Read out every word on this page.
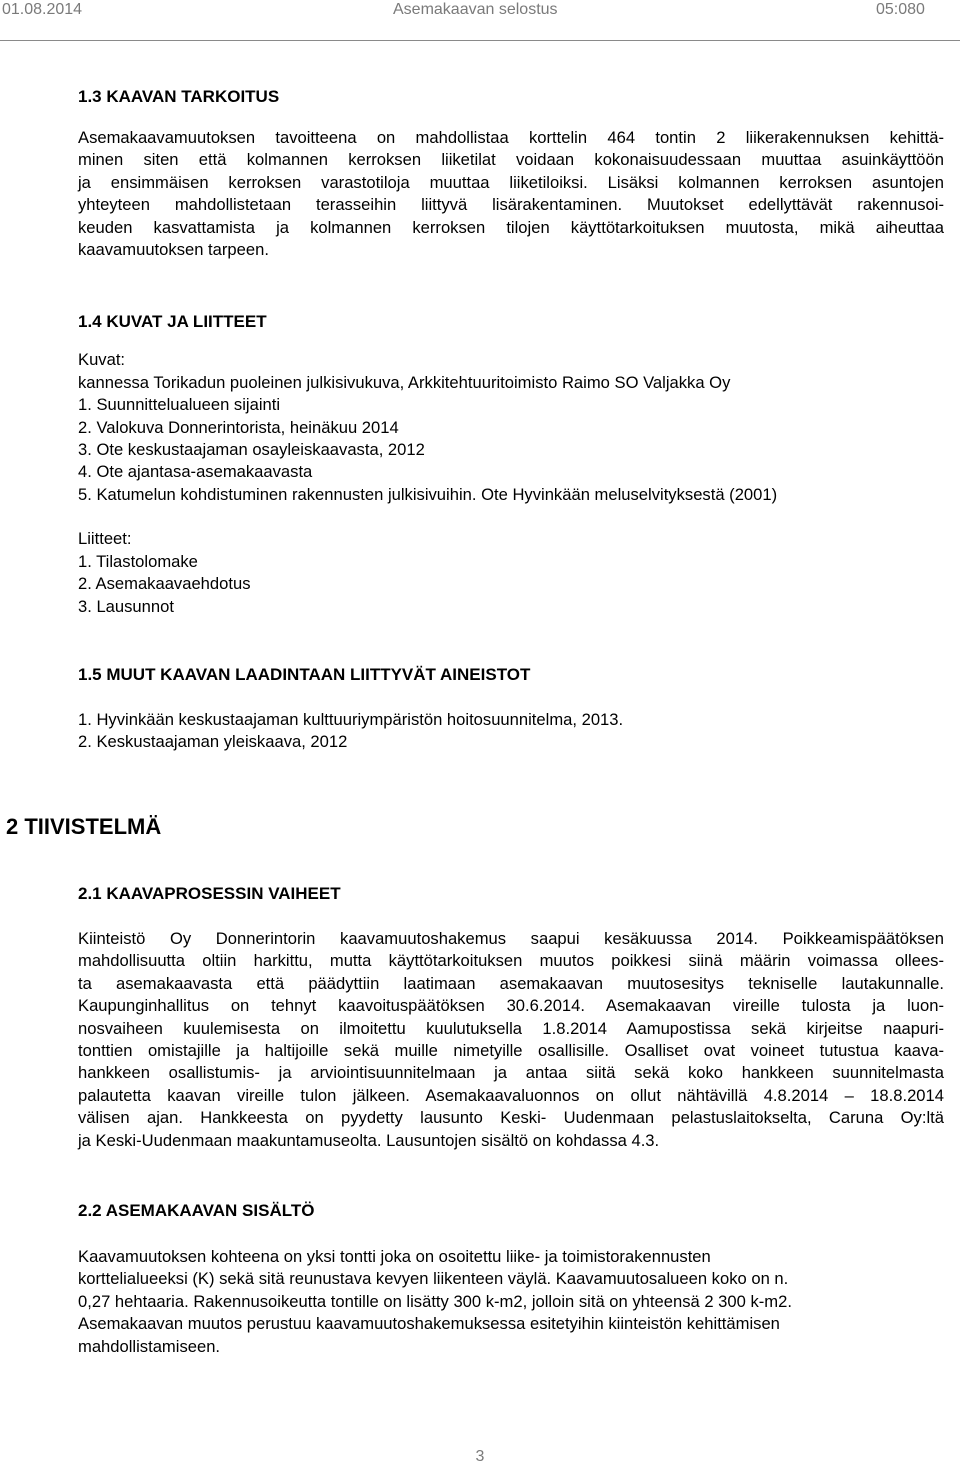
01.08.2014	Asemakaavan selostus	05:080

1.3 KAAVAN TARKOITUS

Asemakaavamuutoksen tavoitteena on mahdollistaa korttelin 464 tontin 2 liikerakennuksen kehittä-
minen siten että kolmannen kerroksen liiketilat voidaan kokonaisuudessaan muuttaa asuinkäyttöön
ja ensimmäisen kerroksen varastotiloja muuttaa liiketiloiksi. Lisäksi kolmannen kerroksen asuntojen
yhteyteen mahdollistetaan terasseihin liittyvä lisärakentaminen. Muutokset edellyttävät rakennusoi-
keuden kasvattamista ja kolmannen kerroksen tilojen käyttötarkoituksen muutosta, mikä aiheuttaa

kaavamuutoksen tarpeen.

1.4 KUVAT JA LIITTEET

Kuvat:

kannessa Torikadun puoleinen julkisivukuva, Arkkitehtuuritoimisto Raimo SO Valjakka Oy

1. Suunnittelualueen sijainti

2. Valokuva Donnerintorista, heinäkuu 2014

3. Ote keskustaajaman osayleiskaavasta, 2012

4. Ote ajantasa-asemakaavasta

5. Katumelun kohdistuminen rakennusten julkisivuihin. Ote Hyvinkään meluselvityksestä (2001)

Liitteet:

1. Tilastolomake

2. Asemakaavaehdotus

3. Lausunnot

1.5 MUUT KAAVAN LAADINTAAN LIITTYVÄT AINEISTOT

1. Hyvinkään keskustaajaman kulttuuriympäristön hoitosuunnitelma, 2013.

2. Keskustaajaman yleiskaava, 2012

2 TIIVISTELMÄ

2.1 KAAVAPROSESSIN VAIHEET

Kiinteistö Oy Donnerintorin kaavamuutoshakemus saapui kesäkuussa 2014. Poikkeamispäätöksen
mahdollisuutta oltiin harkittu, mutta käyttötarkoituksen muutos poikkesi siinä määrin voimassa ollees-
ta asemakaavasta että päädyttiin laatimaan asemakaavan muutosesitys tekniselle lautakunnalle.
Kaupunginhallitus on tehnyt kaavoituspäätöksen 30.6.2014. Asemakaavan vireille tulosta ja luon-
nosvaiheen kuulemisesta on ilmoitettu kuulutuksella 1.8.2014 Aamupostissa sekä kirjeitse naapuri-
tonttien omistajille ja haltijoille sekä muille nimetyille osallisille. Osalliset ovat voineet tutustua kaava-
hankkeen osallistumis- ja arviointisuunnitelmaan ja antaa siitä sekä koko hankkeen suunnitelmasta
palautetta kaavan vireille tulon jälkeen. Asemakaavaluonnos on ollut nähtävillä 4.8.2014 – 18.8.2014
välisen ajan. Hankkeesta on pyydetty lausunto Keski- Uudenmaan pelastuslaitokselta, Caruna Oy:ltä

ja Keski-Uudenmaan maakuntamuseolta. Lausuntojen sisältö on kohdassa 4.3.

2.2 ASEMAKAAVAN SISÄLTÖ

Kaavamuutoksen kohteena on yksi tontti joka on osoitettu liike- ja toimistorakennusten

korttelialueeksi (K) sekä sitä reunustava kevyen liikenteen väylä. Kaavamuutosalueen koko on n.

0,27 hehtaaria. Rakennusoikeutta tontille on lisätty 300 k-m2, jolloin sitä on yhteensä 2 300 k-m2.

Asemakaavan muutos perustuu kaavamuutoshakemuksessa esitetyihin kiinteistön kehittämisen

mahdollistamiseen.

3
